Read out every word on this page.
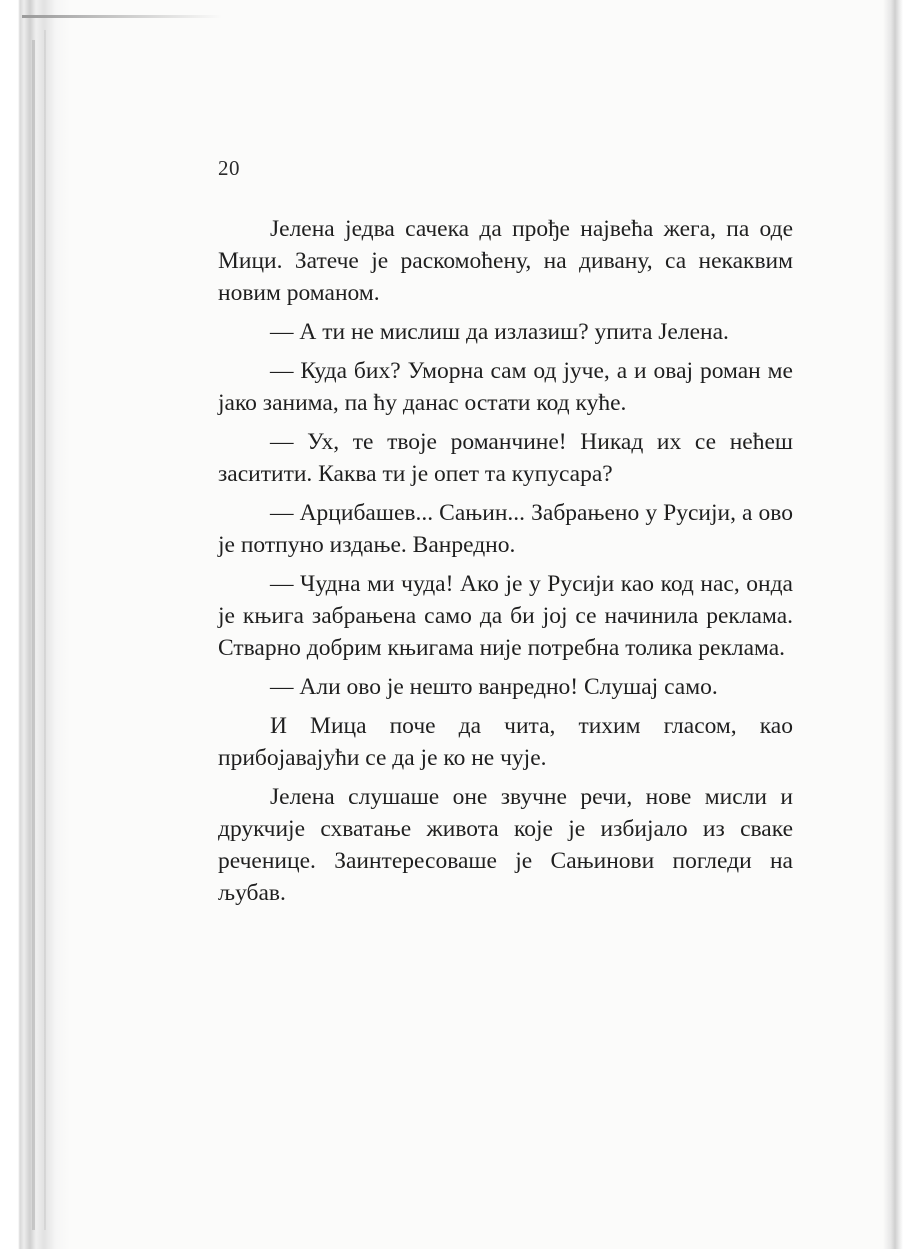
20

Јелена једва сачека да прође највећа жега, па оде Мици. Затече је раскомоћену, на дивану, са некаквим новим романом.

— А ти не мислиш да излазиш? упита Јелена.

— Куда бих? Уморна сам од јуче, а и овај роман ме јако занима, па ћу данас остати код куће.

— Ух, те твоје романчине! Никад их се нећеш заситити. Каква ти је опет та купусара?

— Арцибашев... Сањин... Забрањено у Русији, а ово је потпуно издање. Ванредно.

— Чудна ми чуда! Ако је у Русији као код нас, онда је књига забрањена само да би јој се начинила реклама. Стварно добрим књигама није потребна толика реклама.

— Али ово је нешто ванредно! Слушај само.

И Мица поче да чита, тихим гласом, као прибојавајући се да је ко не чује.

Јелена слушаше оне звучне речи, нове мисли и друкчије схватање живота које је избијало из сваке реченице. Заинтересоваше је Сањинови погледи на љубав.
